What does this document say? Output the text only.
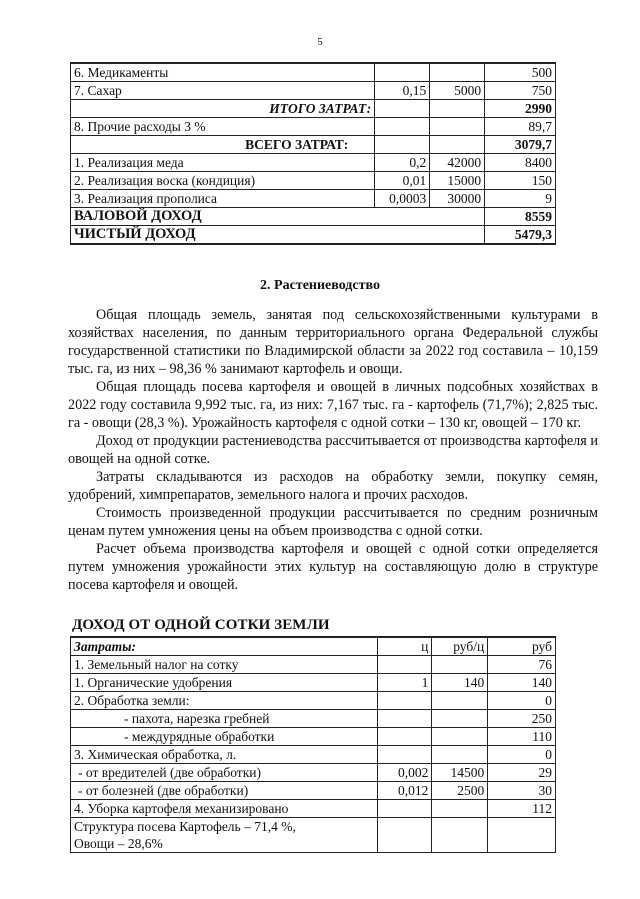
5
6. Медикаменты			500
7. Сахар	0,15	5000	750
ИТОГО ЗАТРАТ:			2990
8. Прочие расходы 3 %			89,7
ВСЕГО ЗАТРАТ:			3079,7
1. Реализация меда	0,2	42000	8400
2. Реализация воска (кондиция)	0,01	15000	150
3. Реализация прополиса	0,0003	30000	9
ВАЛОВОЙ ДОХОД			8559
ЧИСТЫЙ ДОХОД			5479,3
2. Растениеводство

Общая площадь земель, занятая под сельскохозяйственными культурами в хозяйствах населения, по данным территориального органа Федеральной службы государственной статистики по Владимирской области за 2022 год составила – 10,159 тыс. га, из них – 98,36 % занимают картофель и овощи.

Общая площадь посева картофеля и овощей в личных подсобных хозяйствах в 2022 году составила 9,992 тыс. га, из них: 7,167 тыс. га - картофель (71,7%); 2,825 тыс. га - овощи (28,3 %). Урожайность картофеля с одной сотки – 130 кг, овощей – 170 кг.

Доход от продукции растениеводства рассчитывается от производства картофеля и овощей на одной сотке.

Затраты складываются из расходов на обработку земли, покупку семян, удобрений, химпрепаратов, земельного налога и прочих расходов.

Стоимость произведенной продукции рассчитывается по средним розничным ценам путем умножения цены на объем производства с одной сотки.

Расчет объема производства картофеля и овощей с одной сотки определяется путем умножения урожайности этих культур на составляющую долю в структуре посева картофеля и овощей.

ДОХОД ОТ ОДНОЙ СОТКИ ЗЕМЛИ
Затраты:	ц	руб/ц	руб
1. Земельный налог на сотку			76
1. Органические удобрения	1	140	140
2. Обработка земли:			0
- пахота, нарезка гребней			250
- междурядные обработки			110
3. Химическая обработка, л.			0
- от вредителей (две обработки)	0,002	14500	29
- от болезней (две обработки)	0,012	2500	30
4. Уборка картофеля механизировано			112

Структура посева Картофель – 71,4 %,
Овощи – 28,6%			
